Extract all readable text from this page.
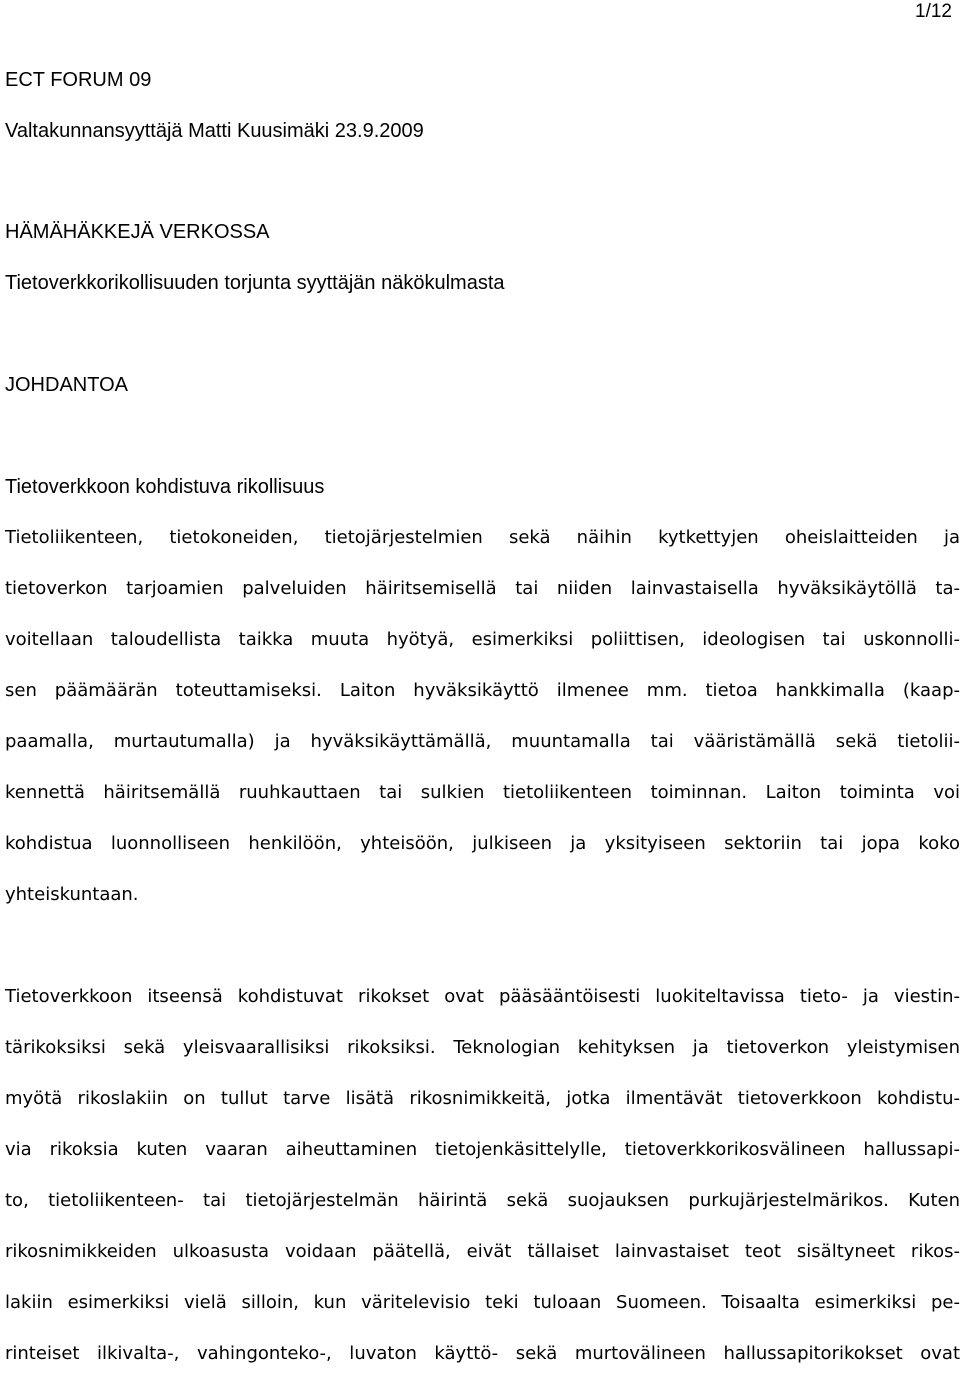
1/12
ECT FORUM 09
Valtakunnansyyttäjä Matti Kuusimäki 23.9.2009
HÄMÄHÄKKEJÄ VERKOSSA
Tietoverkkorikollisuuden torjunta syyttäjän näkökulmasta
JOHDANTOA
Tietoverkkoon kohdistuva rikollisuus
Tietoliikenteen, tietokoneiden, tietojärjestelmien sekä näihin kytkettyjen oheislaitteiden ja
tietoverkon tarjoamien palveluiden häiritsemisellä tai niiden lainvastaisella hyväksikäytöllä ta-
voitellaan taloudellista taikka muuta hyötyä, esimerkiksi poliittisen, ideologisen tai uskonnolli-
sen päämäärän toteuttamiseksi. Laiton hyväksikäyttö ilmenee mm. tietoa hankkimalla (kaap-
paamalla, murtautumalla) ja hyväksikäyttämällä, muuntamalla tai vääristämällä sekä tietolii-
kennettä häiritsemällä ruuhkauttaen tai sulkien tietoliikenteen toiminnan. Laiton toiminta voi
kohdistua luonnolliseen henkilöön, yhteisöön, julkiseen ja yksityiseen sektoriin tai jopa koko
yhteiskuntaan.
Tietoverkkoon itseensä kohdistuvat rikokset ovat pääsääntöisesti luokiteltavissa tieto- ja viestin-
tärikoksiksi sekä yleisvaarallisiksi rikoksiksi. Teknologian kehityksen ja tietoverkon yleistymisen
myötä rikoslakiin on tullut tarve lisätä rikosnimikkeitä, jotka ilmentävät tietoverkkoon kohdistu-
via rikoksia kuten vaaran aiheuttaminen tietojenkäsittelylle, tietoverkkorikosvälineen hallussapi-
to, tietoliikenteen- tai tietojärjestelmän häirintä sekä suojauksen purkujärjestelmärikos. Kuten
rikosnimikkeiden ulkoasusta voidaan päätellä, eivät tällaiset lainvastaiset teot sisältyneet rikos-
lakiin esimerkiksi vielä silloin, kun väritelevisio teki tuloaan Suomeen. Toisaalta esimerkiksi pe-
rinteiset ilkivalta-, vahingonteko-, luvaton käyttö- sekä murtovälineen hallussapitorikokset ovat
